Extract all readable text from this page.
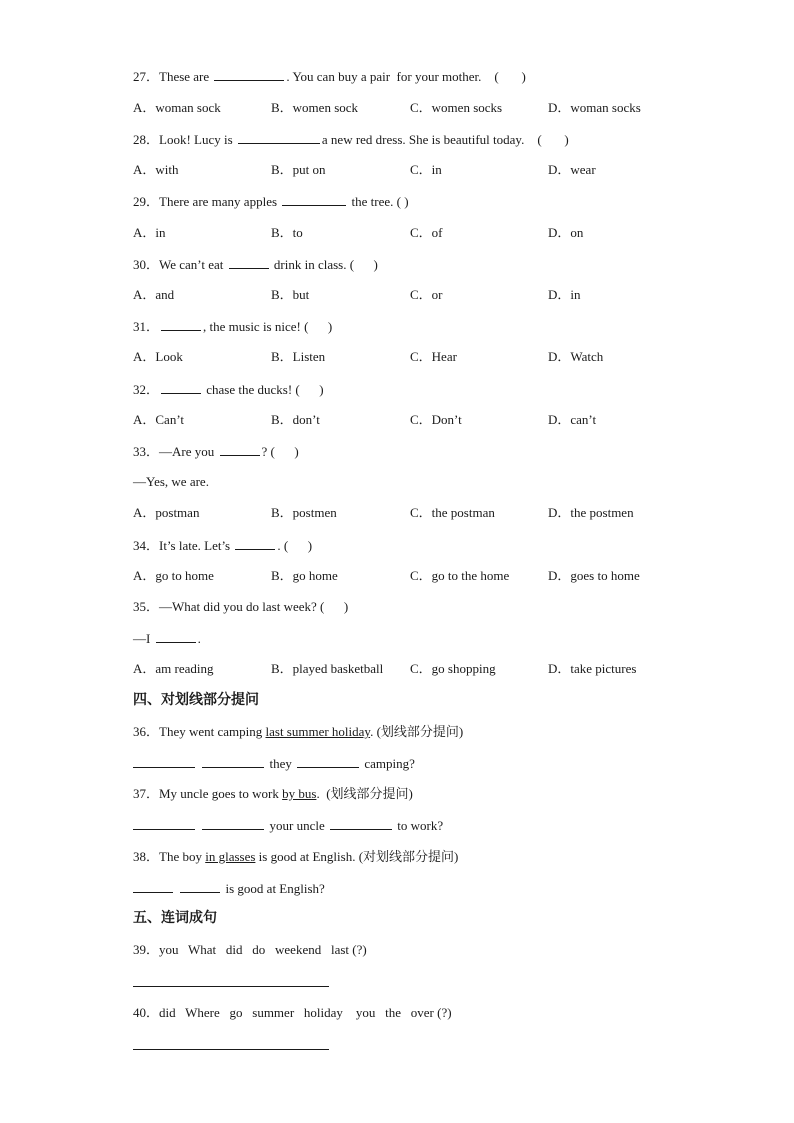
27．These are	. You can buy a pair  for your mother.    (       )
A．woman sock	B．women sock	C．women socks	D．woman socks
28．Look! Lucy is	a new red dress. She is beautiful today.    (       )
A．with	B．put on	C．in	D．wear
29．There are many apples	the tree. ( )
A．in	B．to	C．of	D．on
30．We can’t eat	drink in class. (      )
A．and	B．but	C．or	D．in
31．	, the music is nice! (      )
A．Look	B．Listen	C．Hear	D．Watch
32．	chase the ducks! (      )
A．Can’t	B．don’t	C．Don’t	D．can’t
33．—Are you	? (      )
—Yes, we are.
A．postman	B．postmen	C．the postman	D．the postmen
34．It’s late. Let’s	. (      )
A．go to home	B．go home	C．go to the home	D．goes to home
35．—What did you do last week? (      )
—I	.
A．am reading	B．played basketball C．go shopping	D．take pictures
四、对划线部分提问
36．They went camping last summer holiday. (划线部分提问)
they	camping?
37．My uncle goes to work by bus.  (划线部分提问)
your uncle	to work?
38．The boy in glasses is good at English. (对划线部分提问)
is good at English?
五、连词成句
39．you   What   did   do   weekend   last (?)
40．did   Where   go   summer   holiday    you   the   over (?)
